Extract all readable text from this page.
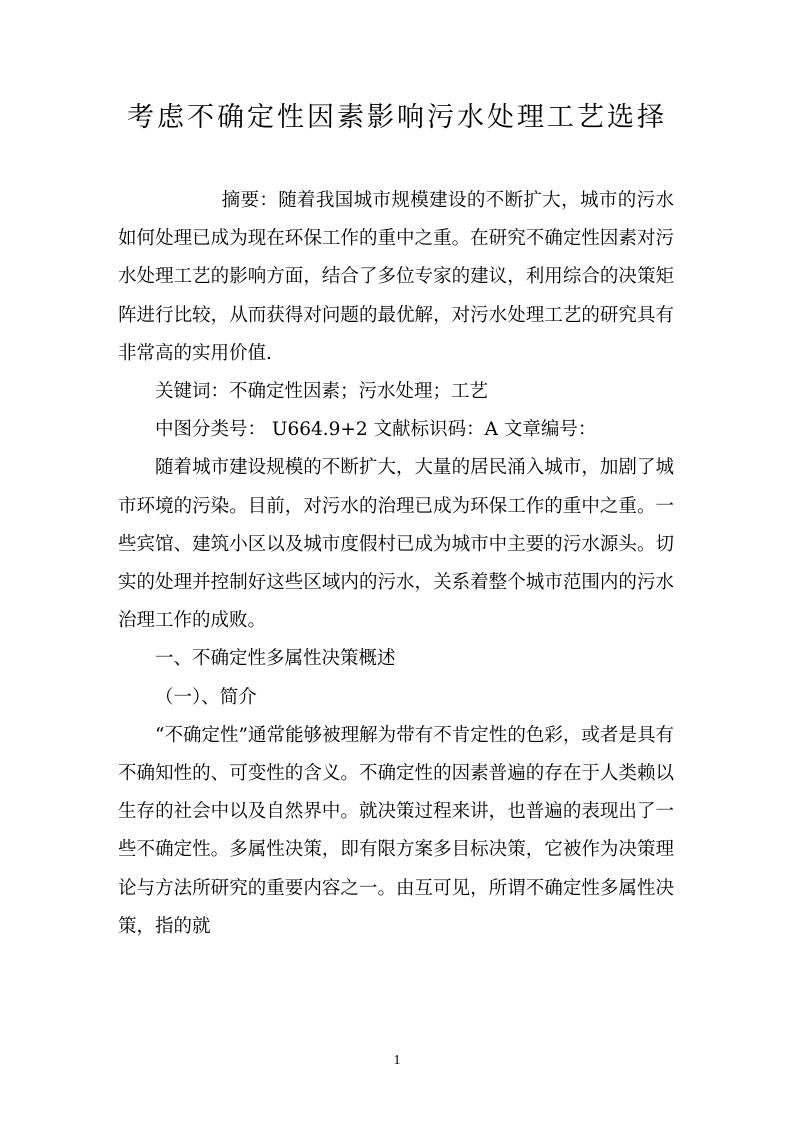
考虑不确定性因素影响污水处理工艺选择

摘要：随着我国城市规模建设的不断扩大，城市的污水如何处理已成为现在环保工作的重中之重。在研究不确定性因素对污水处理工艺的影响方面，结合了多位专家的建议，利用综合的决策矩阵进行比较，从而获得对问题的最优解，对污水处理工艺的研究具有非常高的实用价值.

关键词：不确定性因素；污水处理；工艺

中图分类号： U664.9+2 文献标识码：A 文章编号：

随着城市建设规模的不断扩大，大量的居民涌入城市，加剧了城市环境的污染。目前，对污水的治理已成为环保工作的重中之重。一些宾馆、建筑小区以及城市度假村已成为城市中主要的污水源头。切实的处理并控制好这些区域内的污水，关系着整个城市范围内的污水治理工作的成败。

一、不确定性多属性决策概述

（一）、简介

“不确定性”通常能够被理解为带有不肯定性的色彩，或者是具有不确知性的、可变性的含义。不确定性的因素普遍的存在于人类赖以生存的社会中以及自然界中。就决策过程来讲，也普遍的表现出了一些不确定性。多属性决策，即有限方案多目标决策，它被作为决策理论与方法所研究的重要内容之一。由互可见，所谓不确定性多属性决策，指的就

1
